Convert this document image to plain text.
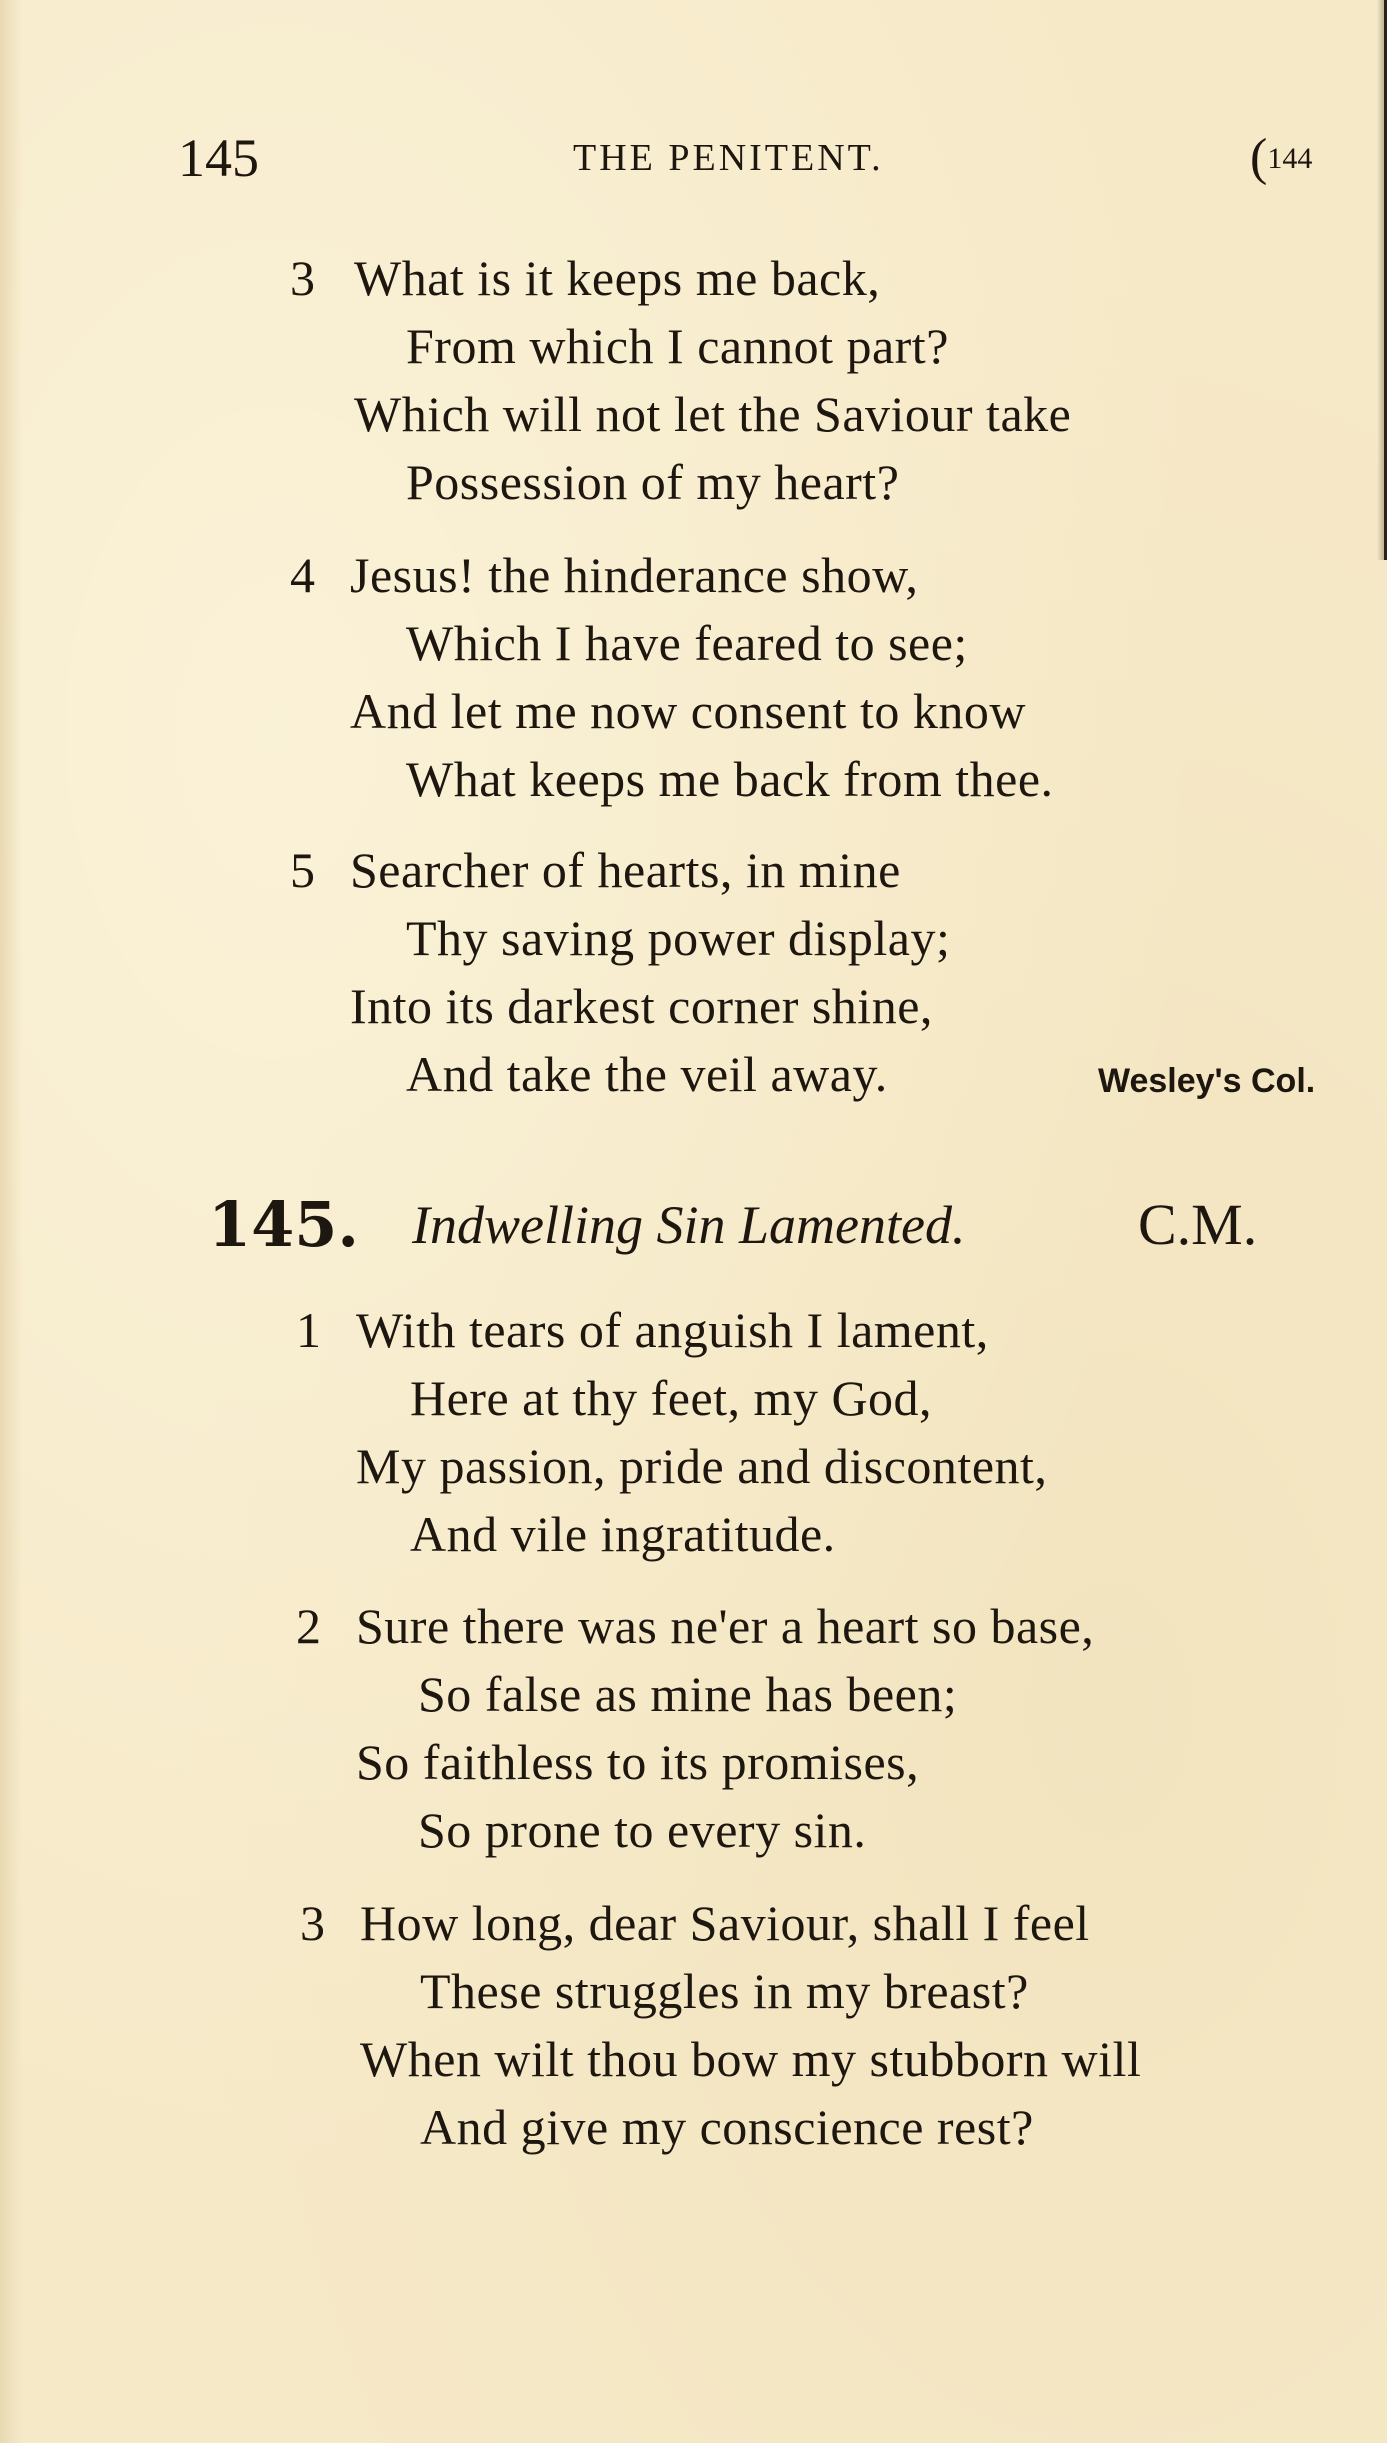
145	THE PENITENT.	(144
3 What is it keeps me back,
From which I cannot part?
Which will not let the Saviour take
Possession of my heart?
4 Jesus! the hinderance show,
Which I have feared to see;
And let me now consent to know
What keeps me back from thee.
5 Searcher of hearts, in mine
Thy saving power display;
Into its darkest corner shine,
And take the veil away.	Wesley's Col.
145. Indwelling Sin Lamented.	C.M.
1 With tears of anguish I lament,
Here at thy feet, my God,
My passion, pride and discontent,
And vile ingratitude.
2 Sure there was ne'er a heart so base,
So false as mine has been;
So faithless to its promises,
So prone to every sin.
3 How long, dear Saviour, shall I feel
These struggles in my breast?
When wilt thou bow my stubborn will
And give my conscience rest?
